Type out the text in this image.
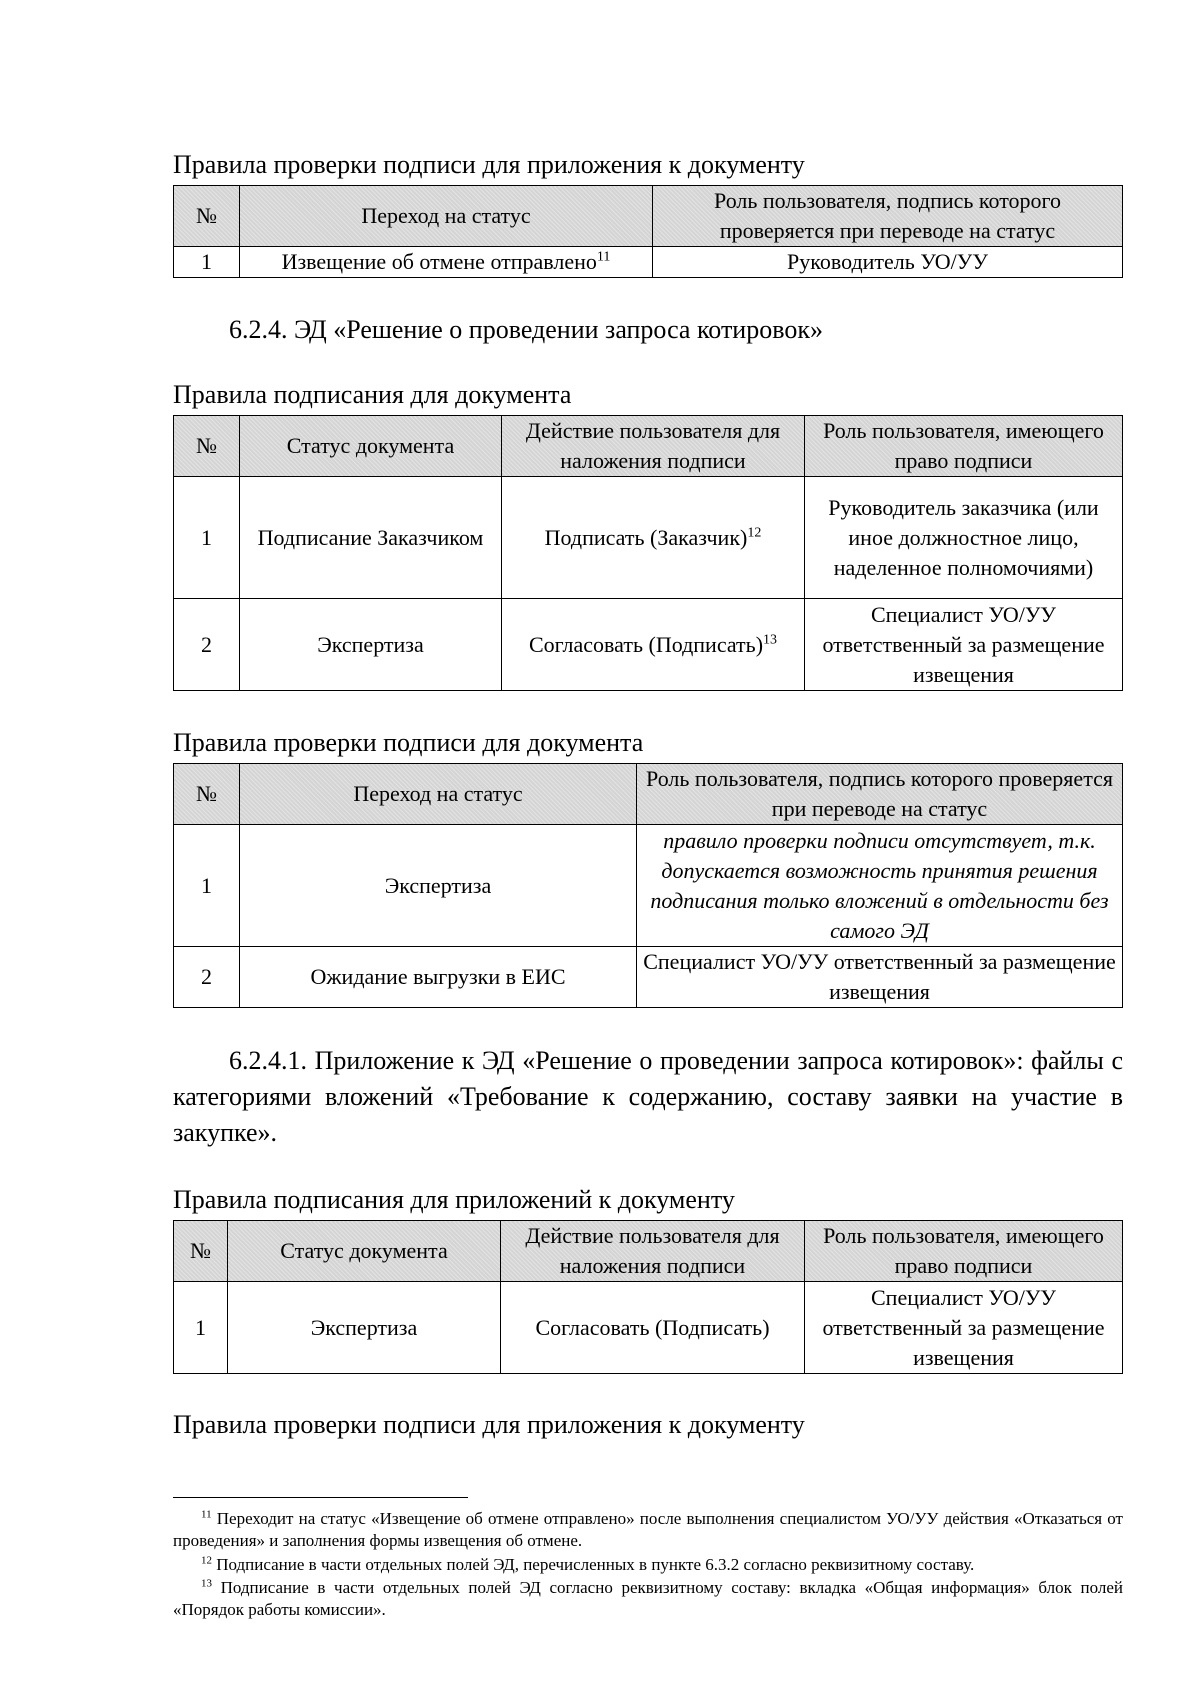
Правила проверки подписи для приложения к документу
№	Переход на статус	Роль пользователя, подпись которого проверяется при переводе на статус
1	Извещение об отмене отправлено$^{11}$	Руководитель УО/УУ
6.2.4. ЭД «Решение о проведении запроса котировок»
Правила подписания для документа
№	Статус документа	Действие пользователя для наложения подписи	Роль пользователя, имеющего право подписи
1	Подписание Заказчиком	Подписать (Заказчик)$^{12}$	Руководитель заказчика (или иное должностное лицо, наделенное полномочиями)
2	Экспертиза	Согласовать (Подписать)$^{13}$	Специалист УО/УУ ответственный за размещение извещения
Правила проверки подписи для документа
№	Переход на статус	Роль пользователя, подпись которого проверяется при переводе на статус
1	Экспертиза	правило проверки подписи отсутствует, т.к. допускается возможность принятия решения подписания только вложений в отдельности без самого ЭД
2	Ожидание выгрузки в ЕИС	Специалист УО/УУ ответственный за размещение извещения
6.2.4.1. Приложение к ЭД «Решение о проведении запроса котировок»: файлы с категориями вложений «Требование к содержанию, составу заявки на участие в закупке».
Правила подписания для приложений к документу
№	Статус документа	Действие пользователя для наложения подписи	Роль пользователя, имеющего право подписи
1	Экспертиза	Согласовать (Подписать)	Специалист УО/УУ ответственный за размещение извещения
Правила проверки подписи для приложения к документу
$^{11}$ Переходит на статус «Извещение об отмене отправлено» после выполнения специалистом УО/УУ действия «Отказаться от проведения» и заполнения формы извещения об отмене.
$^{12}$ Подписание в части отдельных полей ЭД, перечисленных в пункте 6.3.2 согласно реквизитному составу.
$^{13}$ Подписание в части отдельных полей ЭД согласно реквизитному составу: вкладка «Общая информация» блок полей «Порядок работы комиссии».
